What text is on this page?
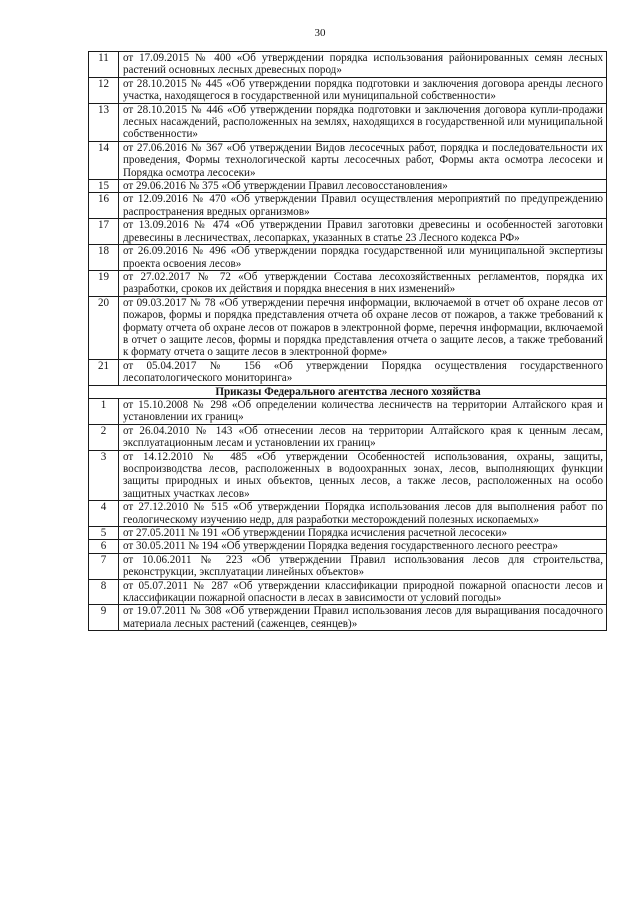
30
11	от 17.09.2015 № 400 «Об утверждении порядка использования районированных семян лесных растений основных лесных древесных пород»
12	от 28.10.2015 № 445 «Об утверждении порядка подготовки и заключения договора аренды лесного участка, находящегося в государственной или муниципальной собственности»
13	от 28.10.2015 № 446 «Об утверждении порядка подготовки и заключения договора купли-продажи лесных насаждений, расположенных на землях, находящихся в государственной или муниципальной собственности»
14	от 27.06.2016 № 367 «Об утверждении Видов лесосечных работ, порядка и последовательности их проведения, Формы технологической карты лесосечных работ, Формы акта осмотра лесосеки и Порядка осмотра лесосеки»
15	от 29.06.2016 № 375 «Об утверждении Правил лесовосстановления»
16	от 12.09.2016 № 470 «Об утверждении Правил осуществления мероприятий по предупреждению распространения вредных организмов»
17	от 13.09.2016 № 474 «Об утверждении Правил заготовки древесины и особенностей заготовки древесины в лесничествах, лесопарках, указанных в статье 23 Лесного кодекса РФ»
18	от 26.09.2016 № 496 «Об утверждении порядка государственной или муниципальной экспертизы проекта освоения лесов»
19	от 27.02.2017 № 72 «Об утверждении Состава лесохозяйственных регламентов, порядка их разработки, сроков их действия и порядка внесения в них изменений»
20	от 09.03.2017 № 78 «Об утверждении перечня информации, включаемой в отчет об охране лесов от пожаров, формы и порядка представления отчета об охране лесов от пожаров, а также требований к формату отчета об охране лесов от пожаров в электронной форме, перечня информации, включаемой в отчет о защите лесов, формы и порядка представления отчета о защите лесов, а также требований к формату отчета о защите лесов в электронной форме»
21	от 05.04.2017 № 156 «Об утверждении Порядка осуществления государственного лесопатологического мониторинга»
Приказы Федерального агентства лесного хозяйства	
1	от 15.10.2008 № 298 «Об определении количества лесничеств на территории Алтайского края и установлении их границ»
2	от 26.04.2010 № 143 «Об отнесении лесов на территории Алтайского края к ценным лесам, эксплуатационным лесам и установлении их границ»
3	от 14.12.2010 № 485 «Об утверждении Особенностей использования, охраны, защиты, воспроизводства лесов, расположенных в водоохранных зонах, лесов, выполняющих функции защиты природных и иных объектов, ценных лесов, а также лесов, расположенных на особо защитных участках лесов»
4	от 27.12.2010 № 515 «Об утверждении Порядка использования лесов для выполнения работ по геологическому изучению недр, для разработки месторождений полезных ископаемых»
5	от 27.05.2011 № 191 «Об утверждении Порядка исчисления расчетной лесосеки»
6	от 30.05.2011 № 194 «Об утверждении Порядка ведения государственного лесного реестра»
7	от 10.06.2011 № 223 «Об утверждении Правил использования лесов для строительства, реконструкции, эксплуатации линейных объектов»
8	от 05.07.2011 № 287 «Об утверждении классификации природной пожарной опасности лесов и классификации пожарной опасности в лесах в зависимости от условий погоды»
9	от 19.07.2011 № 308 «Об утверждении Правил использования лесов для выращивания посадочного материала лесных растений (саженцев, сеянцев)»
